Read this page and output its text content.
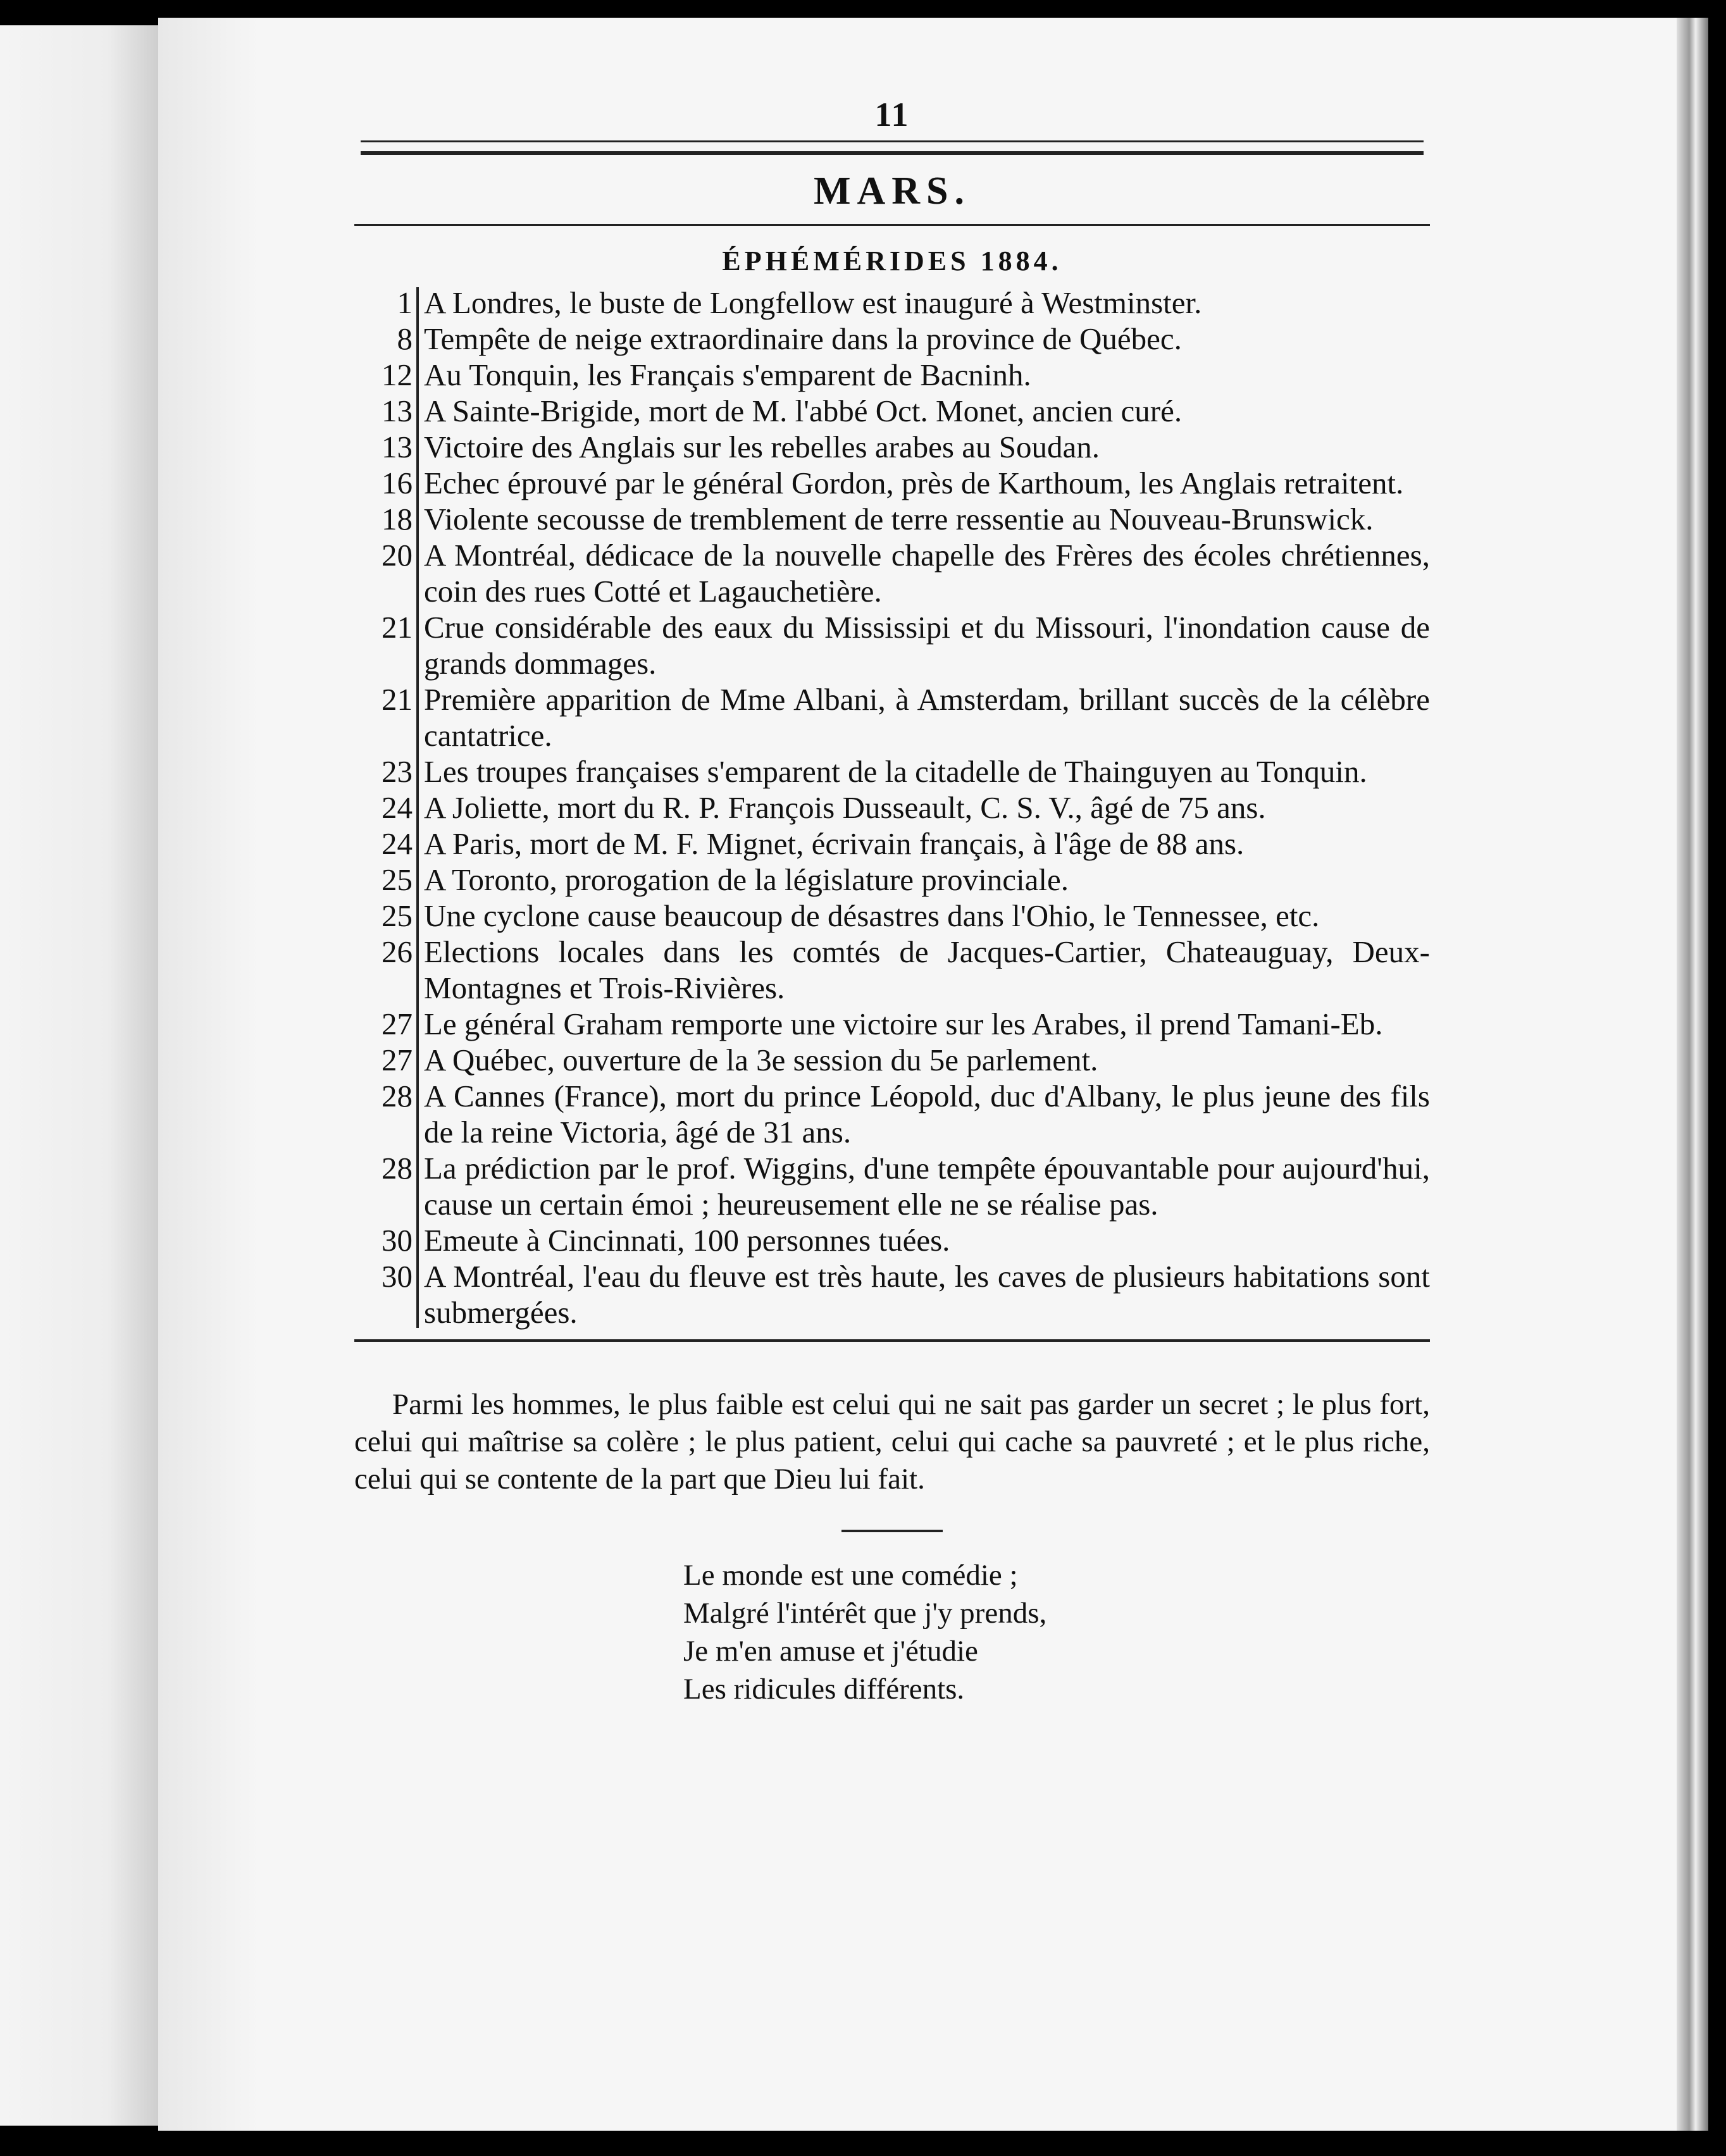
11
MARS.
ÉPHÉMÉRIDES 1884.
1 A Londres, le buste de Longfellow est inauguré à Westminster.
8 Tempête de neige extraordinaire dans la province de Québec.
12 Au Tonquin, les Français s'emparent de Bacninh.
13 A Sainte-Brigide, mort de M. l'abbé Oct. Monet, ancien curé.
13 Victoire des Anglais sur les rebelles arabes au Soudan.
16 Echec éprouvé par le général Gordon, près de Karthoum, les Anglais retraitent.
18 Violente secousse de tremblement de terre ressentie au Nouveau-Brunswick.
20 A Montréal, dédicace de la nouvelle chapelle des Frères des écoles chrétiennes, coin des rues Cotté et Lagauchetière.
21 Crue considérable des eaux du Mississipi et du Missouri, l'inondation cause de grands dommages.
21 Première apparition de Mme Albani, à Amsterdam, brillant succès de la célèbre cantatrice.
23 Les troupes françaises s'emparent de la citadelle de Thainguyen au Tonquin.
24 A Joliette, mort du R. P. François Dusseault, C. S. V., âgé de 75 ans.
24 A Paris, mort de M. F. Mignet, écrivain français, à l'âge de 88 ans.
25 A Toronto, prorogation de la législature provinciale.
25 Une cyclone cause beaucoup de désastres dans l'Ohio, le Tennessee, etc.
26 Elections locales dans les comtés de Jacques-Cartier, Chateauguay, Deux-Montagnes et Trois-Rivières.
27 Le général Graham remporte une victoire sur les Arabes, il prend Tamani-Eb.
27 A Québec, ouverture de la 3e session du 5e parlement.
28 A Cannes (France), mort du prince Léopold, duc d'Albany, le plus jeune des fils de la reine Victoria, âgé de 31 ans.
28 La prédiction par le prof. Wiggins, d'une tempête épouvantable pour aujourd'hui, cause un certain émoi ; heureusement elle ne se réalise pas.
30 Emeute à Cincinnati, 100 personnes tuées.
30 A Montréal, l'eau du fleuve est très haute, les caves de plusieurs habitations sont submergées.

Parmi les hommes, le plus faible est celui qui ne sait pas garder un secret ; le plus fort, celui qui maîtrise sa colère ; le plus patient, celui qui cache sa pauvreté ; et le plus riche, celui qui se contente de la part que Dieu lui fait.

Le monde est une comédie ;
Malgré l'intérêt que j'y prends,
Je m'en amuse et j'étudie
Les ridicules différents.
